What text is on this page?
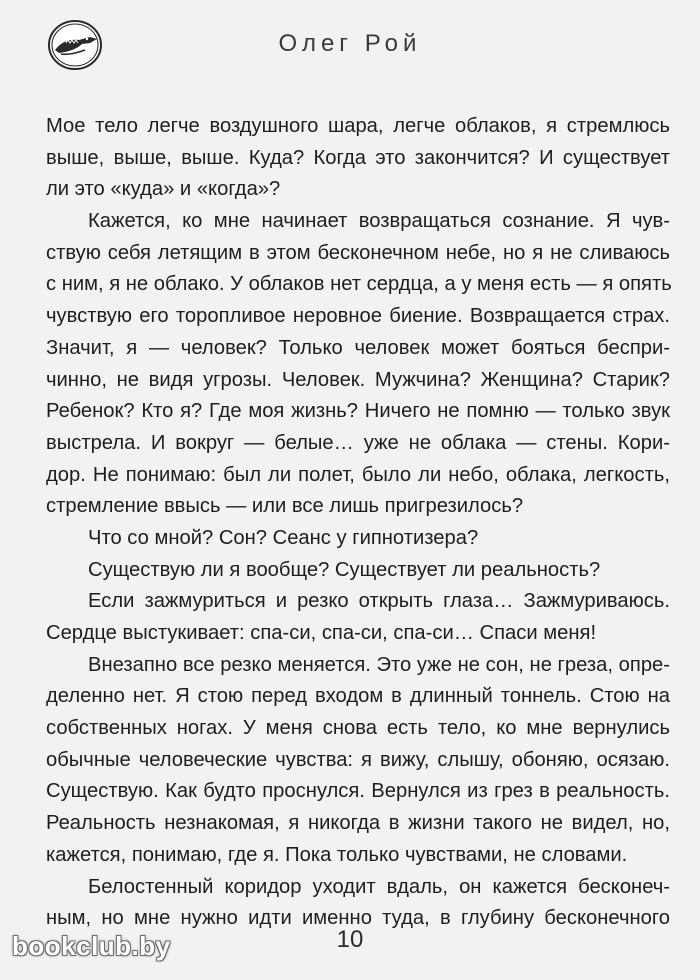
Олег Рой
Мое тело легче воздушного шара, легче облаков, я стремлюсь
выше, выше, выше. Куда? Когда это закончится? И существует
ли это «куда» и «когда»?
Кажется, ко мне начинает возвращаться сознание. Я чув-
ствую себя летящим в этом бесконечном небе, но я не сливаюсь
с ним, я не облако. У облаков нет сердца, а у меня есть — я опять
чувствую его торопливое неровное биение. Возвращается страх.
Значит, я — человек? Только человек может бояться беспри-
чинно, не видя угрозы. Человек. Мужчина? Женщина? Старик?
Ребенок? Кто я? Где моя жизнь? Ничего не помню — только звук
выстрела. И вокруг — белые… уже не облака — стены. Кори-
дор. Не понимаю: был ли полет, было ли небо, облака, легкость,
стремление ввысь — или все лишь пригрезилось?
Что со мной? Сон? Сеанс у гипнотизера?
Существую ли я вообще? Существует ли реальность?
Если зажмуриться и резко открыть глаза… Зажмуриваюсь.
Сердце выстукивает: спа-си, спа-си, спа-си… Спаси меня!
Внезапно все резко меняется. Это уже не сон, не греза, опре-
деленно нет. Я стою перед входом в длинный тоннель. Стою на
собственных ногах. У меня снова есть тело, ко мне вернулись
обычные человеческие чувства: я вижу, слышу, обоняю, осязаю.
Существую. Как будто проснулся. Вернулся из грез в реальность.
Реальность незнакомая, я никогда в жизни такого не видел, но,
кажется, понимаю, где я. Пока только чувствами, не словами.
Белостенный коридор уходит вдаль, он кажется бесконеч-
ным, но мне нужно идти именно туда, в глубину бесконечного
10
bookclub.by
